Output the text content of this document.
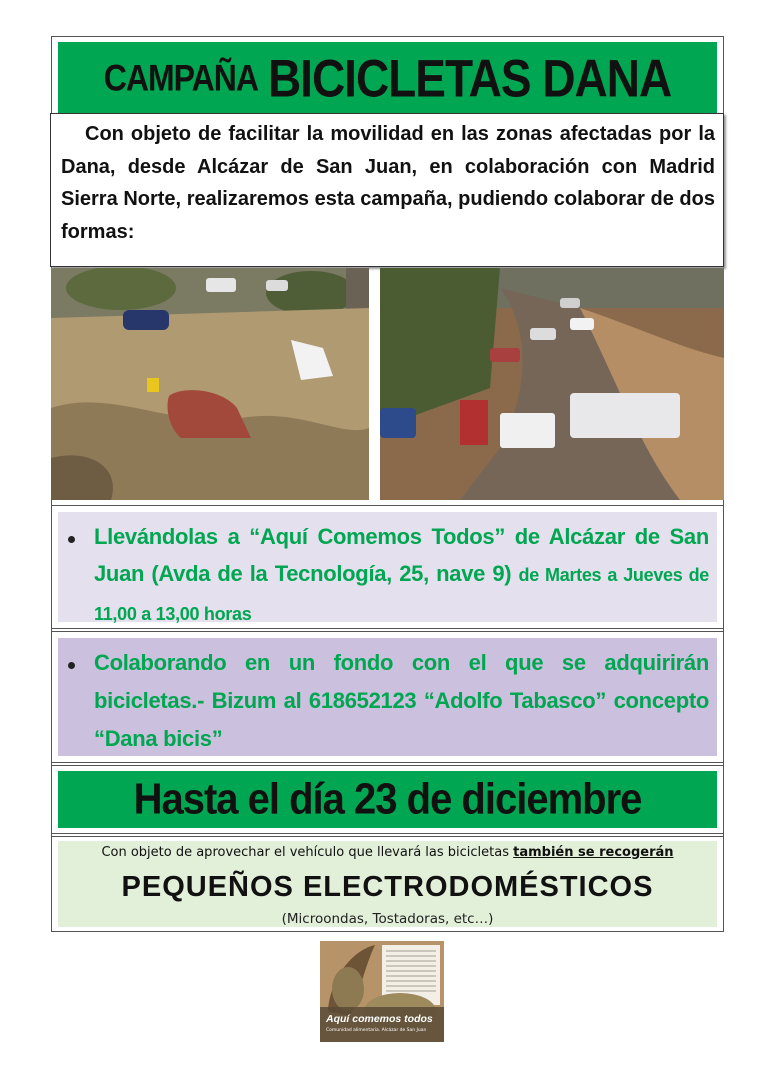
CAMPAÑA BICICLETAS DANA

Con objeto de facilitar la movilidad en las zonas afectadas por la Dana, desde Alcázar de San Juan, en colaboración con Madrid Sierra Norte, realizaremos esta campaña, pudiendo colaborar de dos formas:

Llevándolas a “Aquí Comemos Todos” de Alcázar de San Juan (Avda de la Tecnología, 25, nave 9) de Martes a Jueves de 11,00 a 13,00 horas
Colaborando en un fondo con el que se adquirirán bicicletas.- Bizum al 618652123 “Adolfo Tabasco” concepto “Dana bicis”
Hasta el día 23 de diciembre
Con objeto de aprovechar el vehículo que llevará las bicicletas también se recogerán
PEQUEÑOS ELECTRODOMÉSTICOS
(Microondas, Tostadoras, etc…)
Aquí comemos todos
Comunidad alimentaria. Alcázar de San Juan
